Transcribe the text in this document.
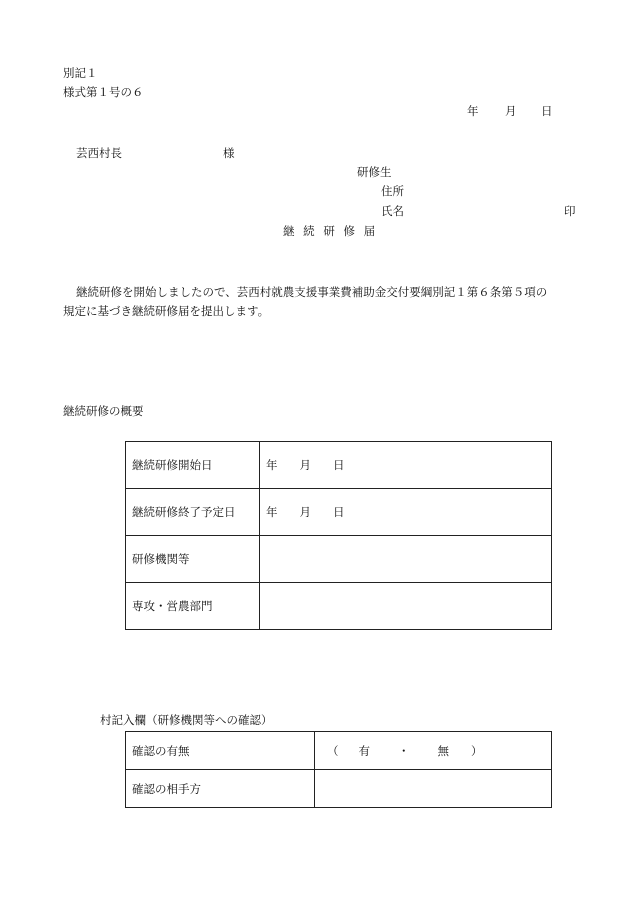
別記１
様式第１号の６
年 月 日
芸西村長	様
研修生
住所
氏名	印
継 続 研 修 届
継続研修を開始しましたので、芸西村就農支援事業費補助金交付要綱別記１第６条第５項の
規定に基づき継続研修届を提出します。
継続研修の概要
継続研修開始日	年 月 日
継続研修終了予定日	年 月 日
研修機関等	
専攻・営農部門	
村記入欄（研修機関等への確認）
確認の有無	（ 有 ・ 無 ）
確認の相手方	
